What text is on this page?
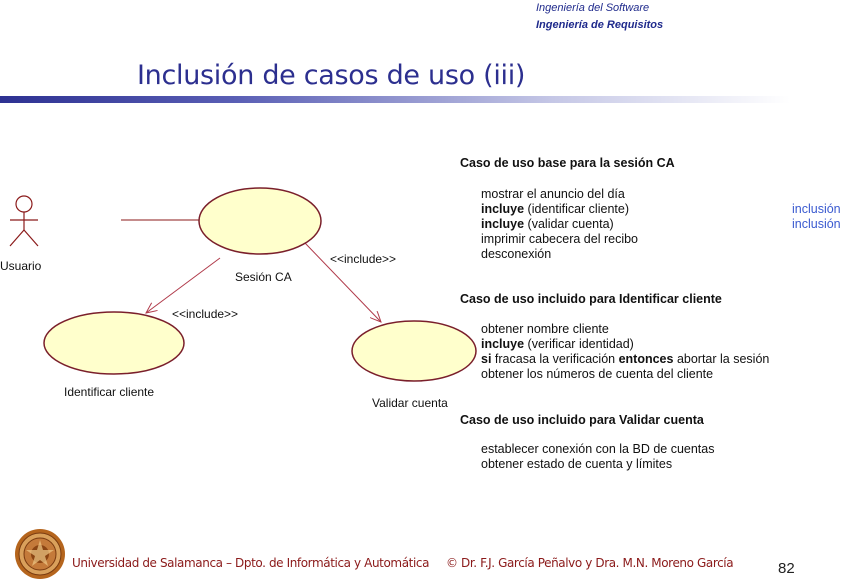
Ingeniería del Software
Ingeniería de Requisitos
Inclusión de casos de uso (iii)
Usuario
Sesión CA
Identificar cliente
Validar cuenta
<<include>>
<<include>>
Caso de uso base para la sesión CA
mostrar el anuncio del día
incluye (identificar cliente)
incluye (validar cuenta)
imprimir cabecera del recibo
desconexión
inclusión
inclusión
Caso de uso incluido para Identificar cliente
obtener nombre cliente
incluye (verificar identidad)
si fracasa la verificación entonces abortar la sesión
obtener los números de cuenta del cliente
Caso de uso incluido para Validar cuenta
establecer conexión con la BD de cuentas
obtener estado de cuenta y límites
Universidad de Salamanca – Dpto. de Informática y Automática © Dr. F.J. García Peñalvo y Dra. M.N. Moreno García	82
